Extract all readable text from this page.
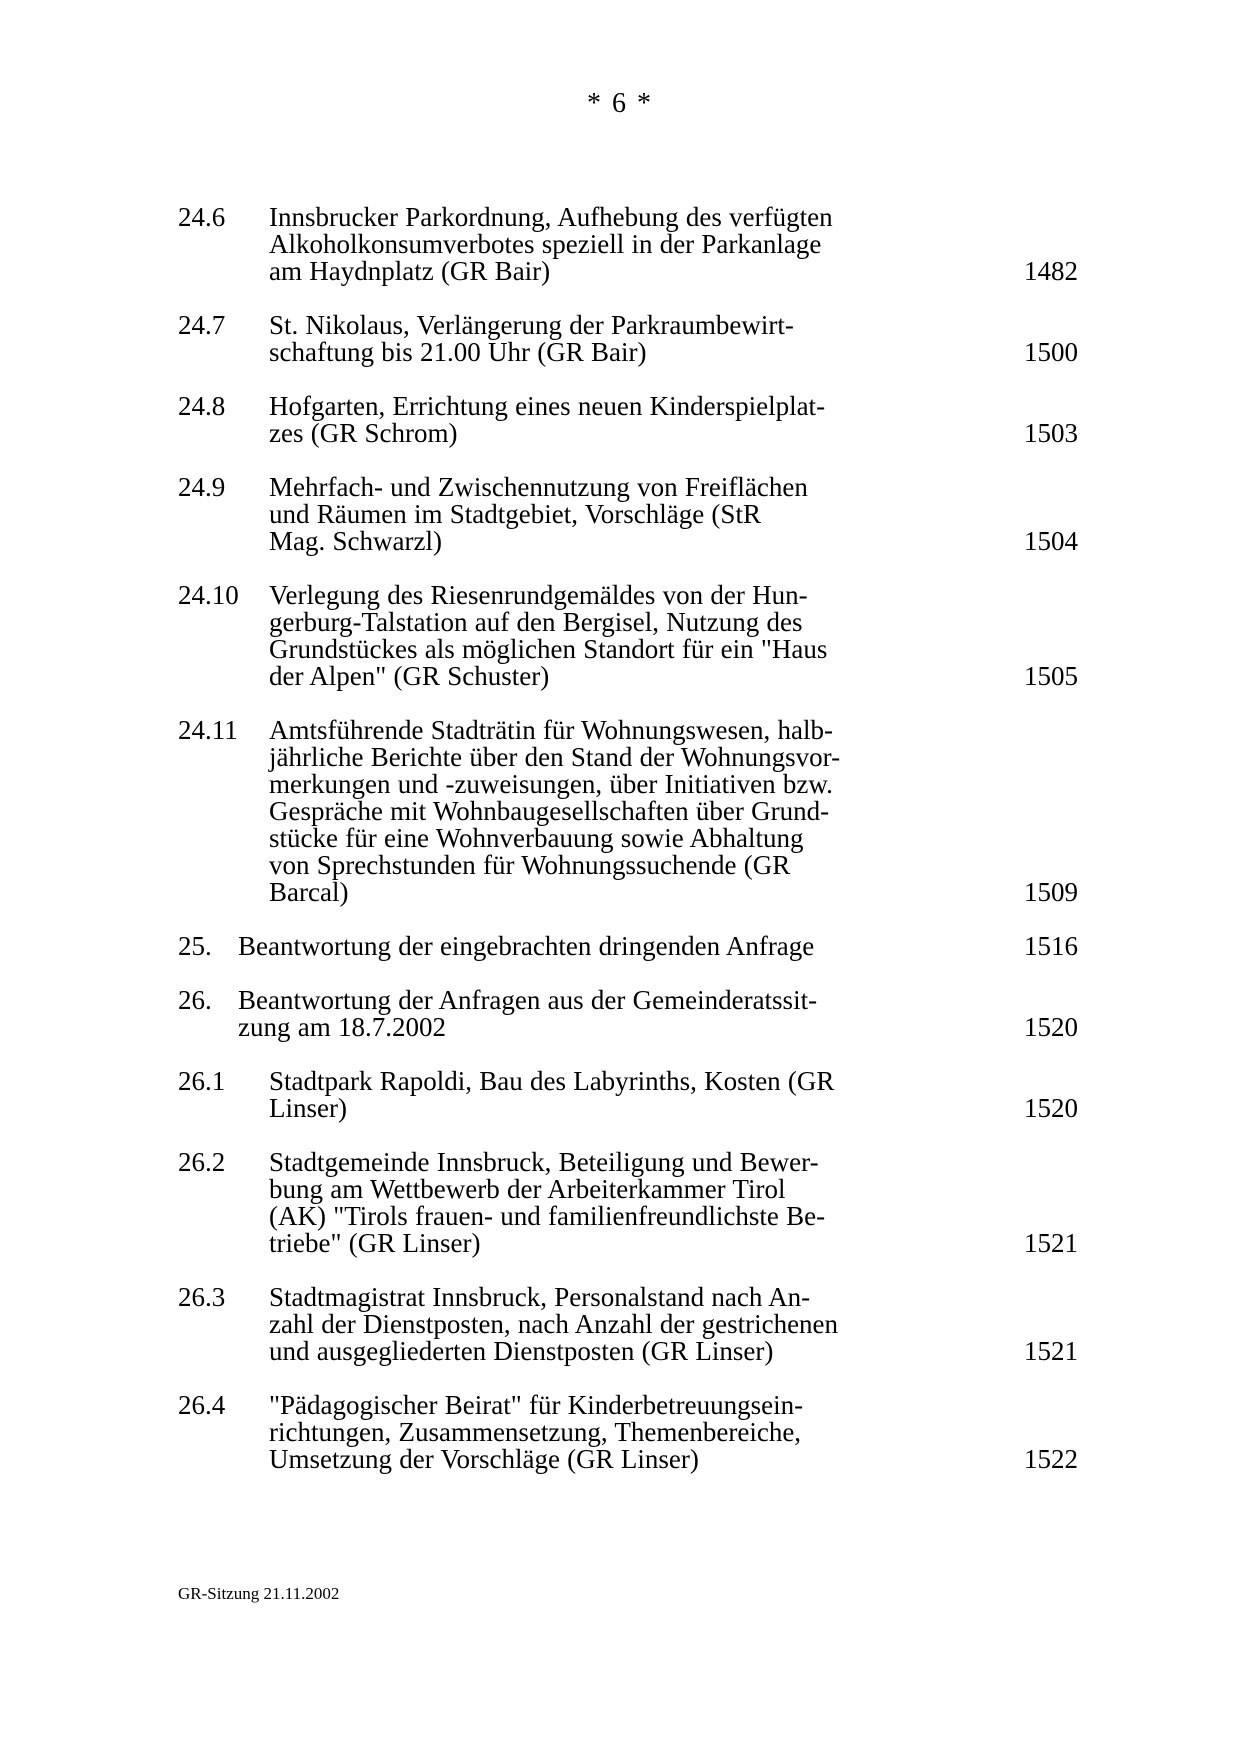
* 6 *
24.6 Innsbrucker Parkordnung, Aufhebung des verfügten
Alkoholkonsumverbotes speziell in der Parkanlage
am Haydnplatz (GR Bair)	1482
24.7 St. Nikolaus, Verlängerung der Parkraumbewirt-
schaftung bis 21.00 Uhr (GR Bair)	1500
24.8 Hofgarten, Errichtung eines neuen Kinderspielplat-
zes (GR Schrom)	1503
24.9 Mehrfach- und Zwischennutzung von Freiflächen
und Räumen im Stadtgebiet, Vorschläge (StR
Mag. Schwarzl)	1504
24.10 Verlegung des Riesenrundgemäldes von der Hun-
gerburg-Talstation auf den Bergisel, Nutzung des
Grundstückes als möglichen Standort für ein "Haus
der Alpen" (GR Schuster)	1505
24.11 Amtsführende Stadträtin für Wohnungswesen, halb-
jährliche Berichte über den Stand der Wohnungsvor-
merkungen und -zuweisungen, über Initiativen bzw.
Gespräche mit Wohnbaugesellschaften über Grund-
stücke für eine Wohnverbauung sowie Abhaltung
von Sprechstunden für Wohnungssuchende (GR
Barcal)	1509
25. Beantwortung der eingebrachten dringenden Anfrage	1516
26. Beantwortung der Anfragen aus der Gemeinderatssit-
zung am 18.7.2002	1520
26.1 Stadtpark Rapoldi, Bau des Labyrinths, Kosten (GR
Linser)	1520
26.2 Stadtgemeinde Innsbruck, Beteiligung und Bewer-
bung am Wettbewerb der Arbeiterkammer Tirol
(AK) "Tirols frauen- und familienfreundlichste Be-
triebe" (GR Linser)	1521
26.3 Stadtmagistrat Innsbruck, Personalstand nach An-
zahl der Dienstposten, nach Anzahl der gestrichenen
und ausgegliederten Dienstposten (GR Linser)	1521
26.4 "Pädagogischer Beirat" für Kinderbetreuungsein-
richtungen, Zusammensetzung, Themenbereiche,
Umsetzung der Vorschläge (GR Linser)	1522
GR-Sitzung 21.11.2002
